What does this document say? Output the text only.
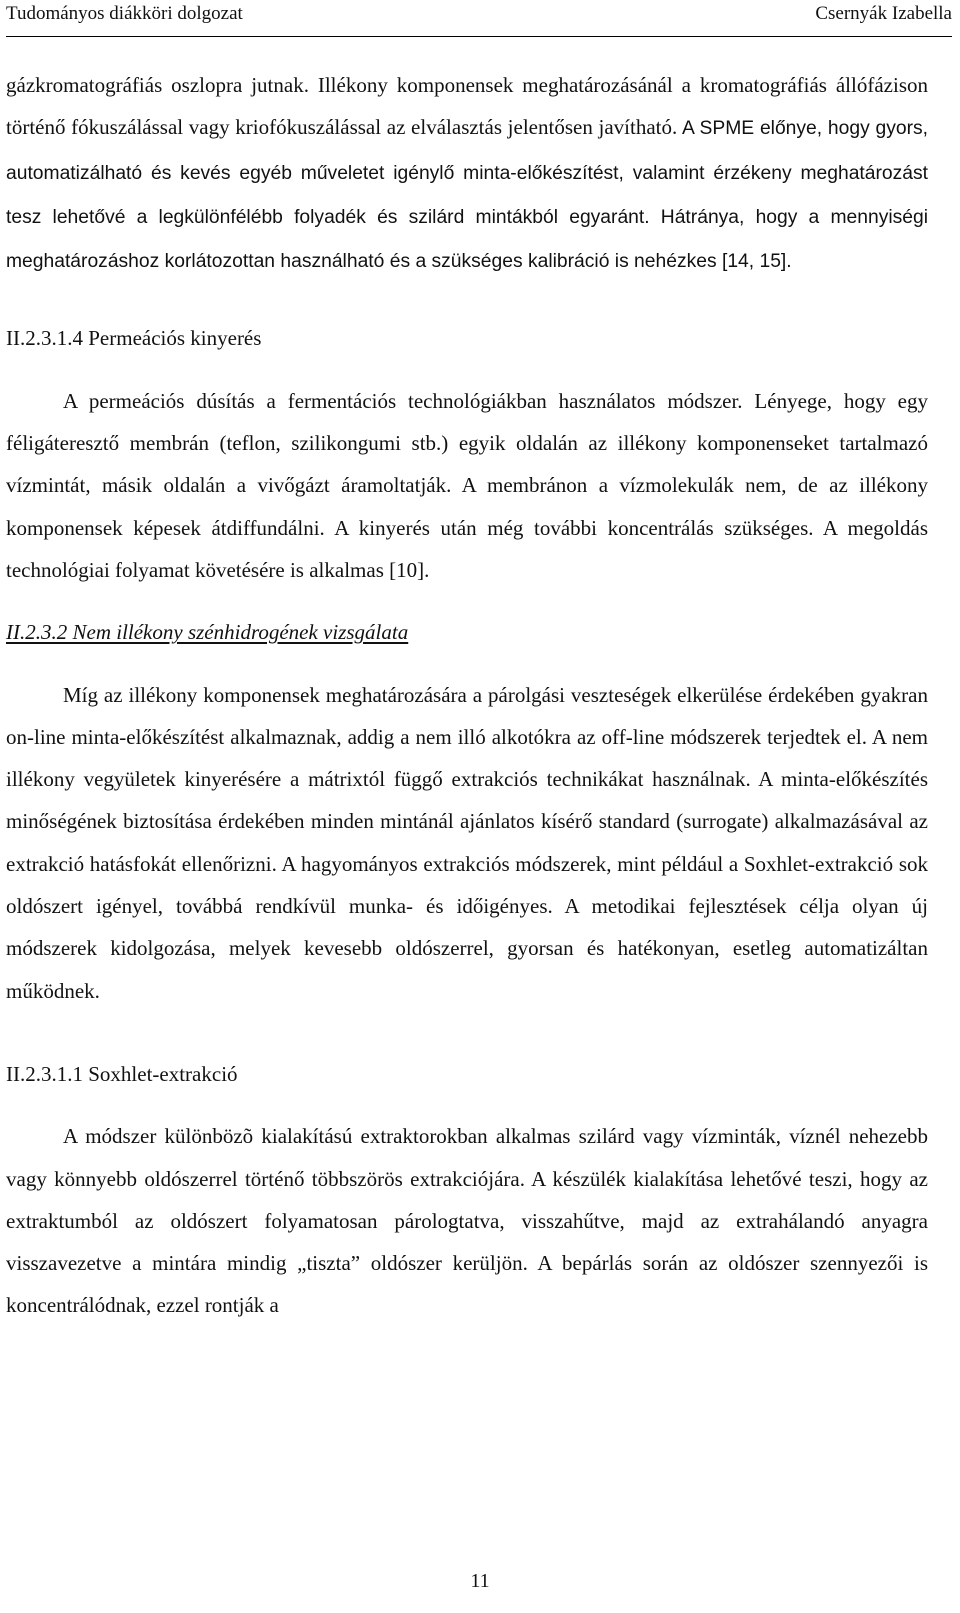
Tudományos diákköri dolgozat	Csernyák Izabella

gázkromatográfiás oszlopra jutnak. Illékony komponensek meghatározásánál a kromatográfiás állófázison történő fókuszálással vagy kriofókuszálással az elválasztás jelentősen javítható. A SPME előnye, hogy gyors, automatizálható és kevés egyéb műveletet igénylő minta-előkészítést, valamint érzékeny meghatározást tesz lehetővé a legkülönfélébb folyadék és szilárd mintákból egyaránt. Hátránya, hogy a mennyiségi meghatározáshoz korlátozottan használható és a szükséges kalibráció is nehézkes [14, 15].

II.2.3.1.4 Permeációs kinyerés

A permeációs dúsítás a fermentációs technológiákban használatos módszer. Lényege, hogy egy féligáteresztő membrán (teflon, szilikongumi stb.) egyik oldalán az illékony komponenseket tartalmazó vízmintát, másik oldalán a vivőgázt áramoltatják. A membránon a vízmolekulák nem, de az illékony komponensek képesek átdiffundálni. A kinyerés után még további koncentrálás szükséges. A megoldás technológiai folyamat követésére is alkalmas [10].

II.2.3.2 Nem illékony szénhidrogének vizsgálata

Míg az illékony komponensek meghatározására a párolgási veszteségek elkerülése érdekében gyakran on-line minta-előkészítést alkalmaznak, addig a nem illó alkotókra az off-line módszerek terjedtek el. A nem illékony vegyületek kinyerésére a mátrixtól függő extrakciós technikákat használnak. A minta-előkészítés minőségének biztosítása érdekében minden mintánál ajánlatos kísérő standard (surrogate) alkalmazásával az extrakció hatásfokát ellenőrizni. A hagyományos extrakciós módszerek, mint például a Soxhlet-extrakció sok oldószert igényel, továbbá rendkívül munka- és időigényes. A metodikai fejlesztések célja olyan új módszerek kidolgozása, melyek kevesebb oldószerrel, gyorsan és hatékonyan, esetleg automatizáltan működnek.

II.2.3.1.1 Soxhlet-extrakció

A módszer különbözõ kialakítású extraktorokban alkalmas szilárd vagy vízminták, víznél nehezebb vagy könnyebb oldószerrel történő többszörös extrakciójára. A készülék kialakítása lehetővé teszi, hogy az extraktumból az oldószert folyamatosan párologtatva, visszahűtve, majd az extrahálandó anyagra visszavezetve a mintára mindig „tiszta” oldószer kerüljön. A bepárlás során az oldószer szennyezői is koncentrálódnak, ezzel rontják a

11
